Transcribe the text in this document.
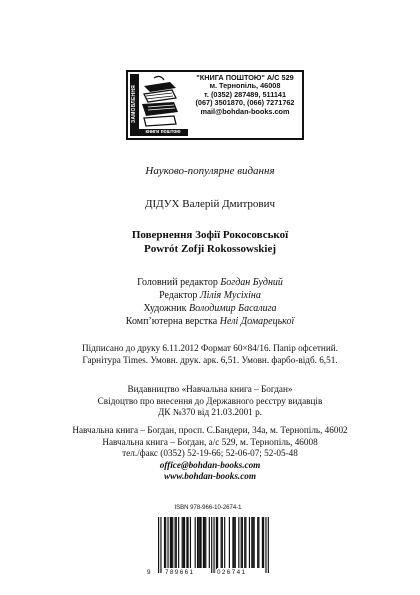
ЗАМОВЛЕННЯ
книги поштою
"КНИГА ПОШТОЮ" А/С 529
м. Тернопіль, 46008
т. (0352) 287489, 511141
(067) 3501870, (066) 7271762
mail@bohdan-books.com
Науково-популярне видання
ДІДУХ Валерій Дмитрович
Повернення Зофії Рокосовської
Powrót Zofji Rokossowskiej
Головний редактор Богдан Будний
Редактор Лілія Мусіхіна
Художник Володимир Басалига
Комп’ютерна верстка Нелі Домарецької
Підписано до друку 6.11.2012 Формат 60×84/16. Папір офсетний.
Гарнітура Times. Умовн. друк. арк. 6,51. Умовн. фарбо-відб. 6,51.
Видавництво «Навчальна книга – Богдан»
Свідоцтво про внесення до Державного реєстру видавців
ДК №370 від 21.03.2001 р.
Навчальна книга – Богдан, просп. С.Бандери, 34а, м. Тернопіль, 46002
Навчальна книга – Богдан, а/с 529, м. Тернопіль, 46008
тел./факс (0352) 52-19-66; 52-06-07; 52-05-48
office@bohdan-books.com
www.bohdan-books.com
ISBN 978-966-10-2674-1
9 789661	026741
